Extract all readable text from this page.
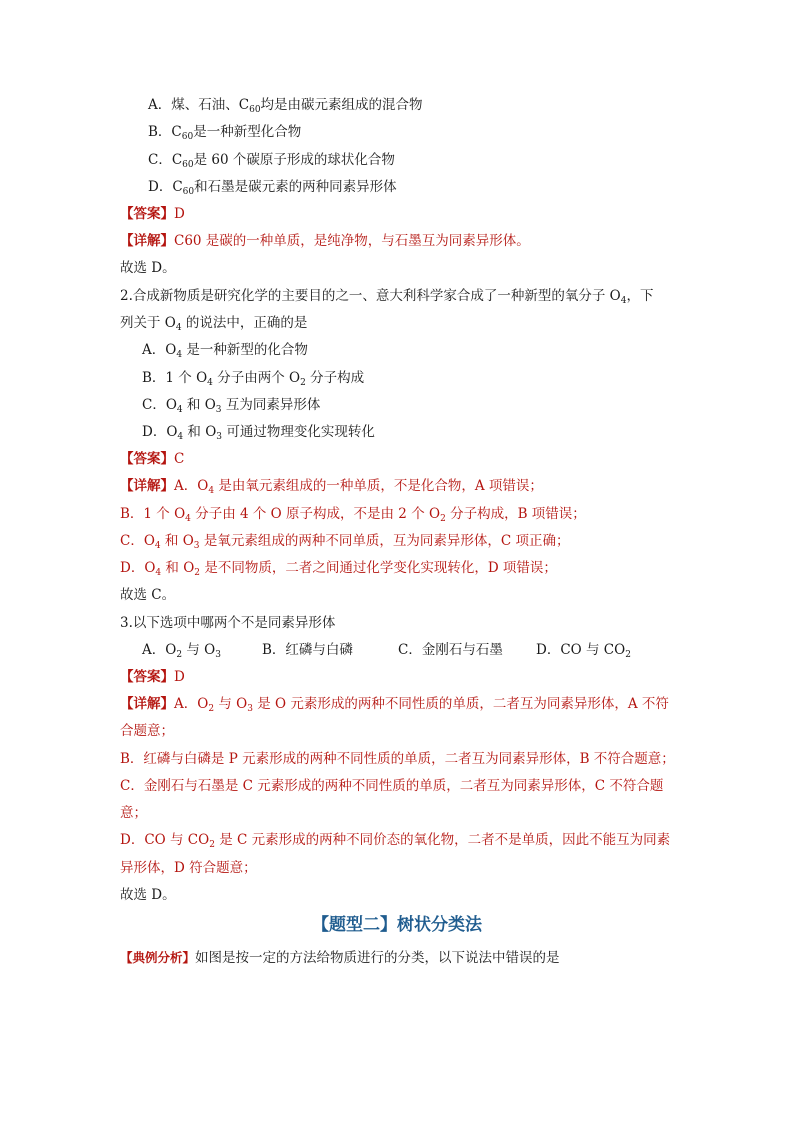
A．煤、石油、$C_{60}$均是由碳元素组成的混合物
B．$C_{60}$是一种新型化合物
C．$C_{60}$是 60 个碳原子形成的球状化合物
D．$C_{60}$和石墨是碳元素的两种同素异形体
【答案】D
【详解】C60 是碳的一种单质，是纯净物，与石墨互为同素异形体。
故选 D。
2.合成新物质是研究化学的主要目的之一、意大利科学家合成了一种新型的氧分子 $O_4$，下
列关于 $O_4$ 的说法中，正确的是
A．$O_4$ 是一种新型的化合物
B．1 个 $O_4$ 分子由两个 $O_2$ 分子构成
C．$O_4$ 和 $O_3$ 互为同素异形体
D．$O_4$ 和 $O_3$ 可通过物理变化实现转化
【答案】C
【详解】A．$O_4$ 是由氧元素组成的一种单质，不是化合物，A 项错误；
B．1 个 $O_4$ 分子由 4 个 O 原子构成，不是由 2 个 $O_2$ 分子构成，B 项错误；
C．$O_4$ 和 $O_3$ 是氧元素组成的两种不同单质，互为同素异形体，C 项正确；
D．$O_4$ 和 $O_2$ 是不同物质，二者之间通过化学变化实现转化，D 项错误；
故选 C。
3.以下选项中哪两个不是同素异形体
A．$O_2$ 与 $O_3$	B．红磷与白磷	C．金刚石与石墨 D．CO 与 $CO_2$
【答案】D
【详解】A．$O_2$ 与 $O_3$ 是 O 元素形成的两种不同性质的单质，二者互为同素异形体，A 不符
合题意；
B．红磷与白磷是 P 元素形成的两种不同性质的单质，二者互为同素异形体，B 不符合题意；
C．金刚石与石墨是 C 元素形成的两种不同性质的单质，二者互为同素异形体，C 不符合题
意；
D．CO 与 $CO_2$ 是 C 元素形成的两种不同价态的氧化物，二者不是单质，因此不能互为同素
异形体，D 符合题意；
故选 D。
【题型二】树状分类法
【典例分析】如图是按一定的方法给物质进行的分类，以下说法中错误的是
